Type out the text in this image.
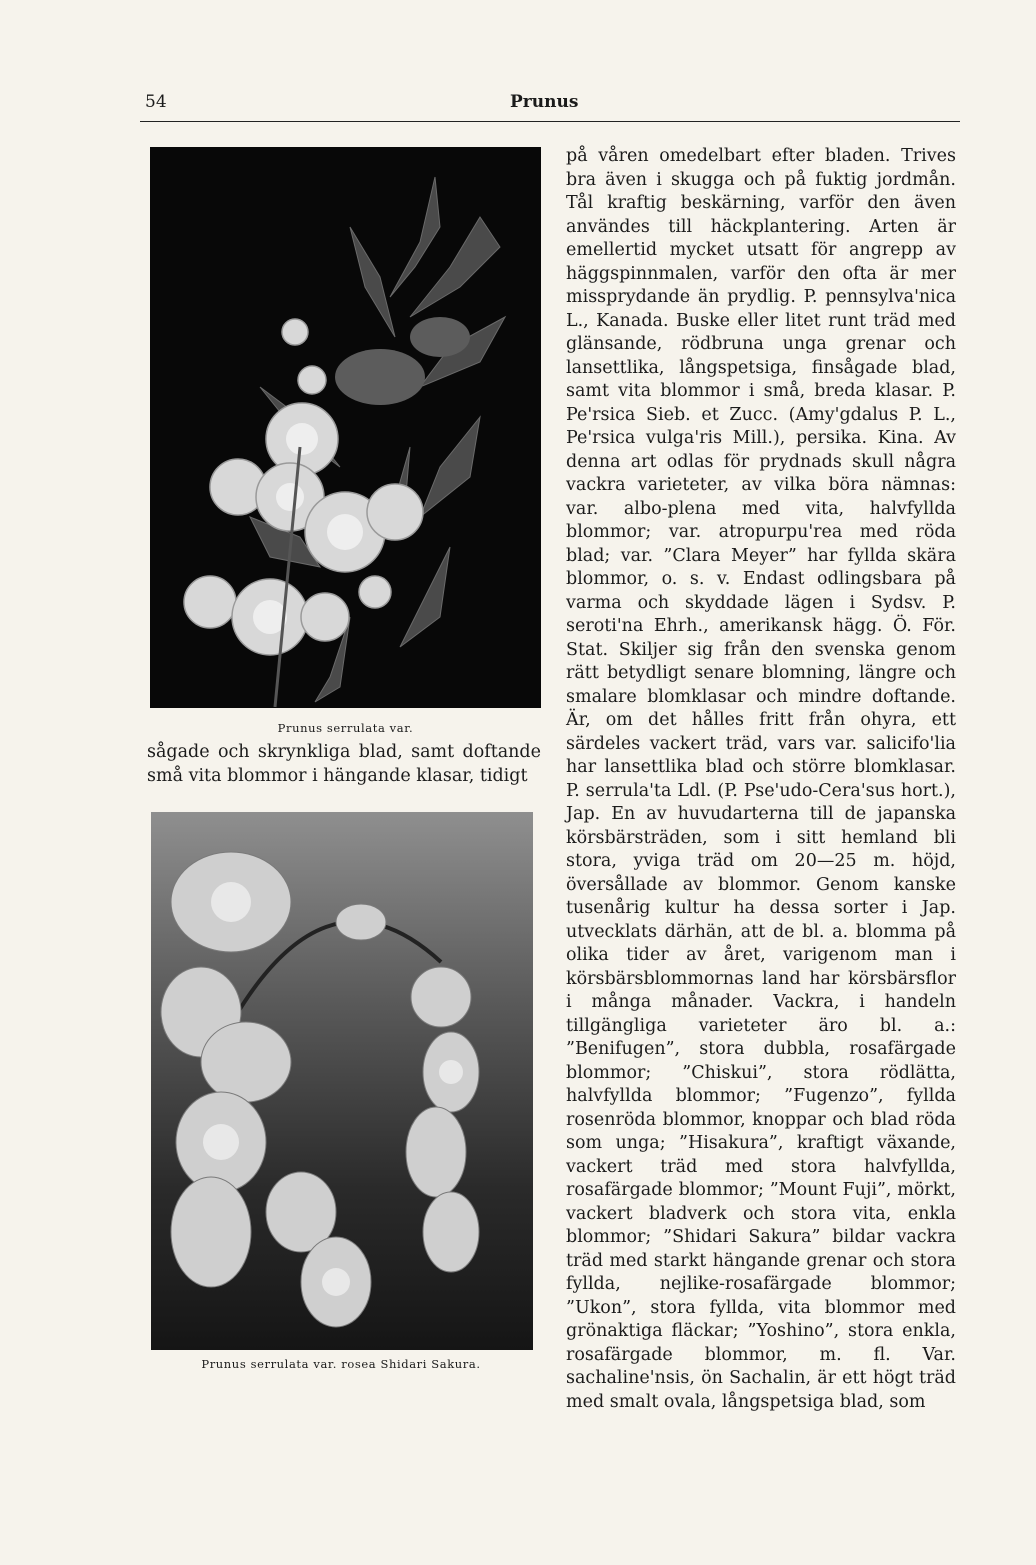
54	Prunus
Prunus serrulata var.

sågade och skrynkliga blad, samt doftande små vita blommor i hängande klasar, tidigt

Prunus serrulata var. rosea Shidari Sakura.

på våren omedelbart efter bladen. Trives bra även i skugga och på fuktig jordmån. Tål kraftig beskärning, varför den även användes till häckplantering. Arten är emellertid mycket utsatt för angrepp av häggspinnmalen, varför den ofta är mer missprydande än prydlig. P. pennsylva'nica L., Kanada. Buske eller litet runt träd med glänsande, rödbruna unga grenar och lansettlika, långspetsiga, finsågade blad, samt vita blommor i små, breda klasar. P. Pe'rsica Sieb. et Zucc. (Amy'gdalus P. L., Pe'rsica vulga'ris Mill.), persika. Kina. Av denna art odlas för prydnads skull några vackra varieteter, av vilka böra nämnas: var. albo-plena med vita, halvfyllda blommor; var. atropurpu'rea med röda blad; var. ”Clara Meyer” har fyllda skära blommor, o. s. v. Endast odlingsbara på varma och skyddade lägen i Sydsv. P. seroti'na Ehrh., amerikansk hägg. Ö. För. Stat. Skiljer sig från den svenska genom rätt betydligt senare blomning, längre och smalare blomklasar och mindre doftande. Är, om det hålles fritt från ohyra, ett särdeles vackert träd, vars var. salicifo'lia har lansettlika blad och större blomklasar. P. serrula'ta Ldl. (P. Pse'udo-Cera'sus hort.), Jap. En av huvudarterna till de japanska körsbärsträden, som i sitt hemland bli stora, yviga träd om 20—25 m. höjd, översållade av blommor. Genom kanske tusenårig kultur ha dessa sorter i Jap. utvecklats därhän, att de bl. a. blomma på olika tider av året, varigenom man i körsbärsblommornas land har körsbärsflor i många månader. Vackra, i handeln tillgängliga varieteter äro bl. a.: ”Benifugen”, stora dubbla, rosafärgade blommor; ”Chiskui”, stora rödlätta, halvfyllda blommor; ”Fugenzo”, fyllda rosenröda blommor, knoppar och blad röda som unga; ”Hisakura”, kraftigt växande, vackert träd med stora halvfyllda, rosafärgade blommor; ”Mount Fuji”, mörkt, vackert bladverk och stora vita, enkla blommor; ”Shidari Sakura” bildar vackra träd med starkt hängande grenar och stora fyllda, nejlike-rosafärgade blommor; ”Ukon”, stora fyllda, vita blommor med grönaktiga fläckar; ”Yoshino”, stora enkla, rosafärgade blommor, m. fl. Var. sachaline'nsis, ön Sachalin, är ett högt träd med smalt ovala, långspetsiga blad, som
